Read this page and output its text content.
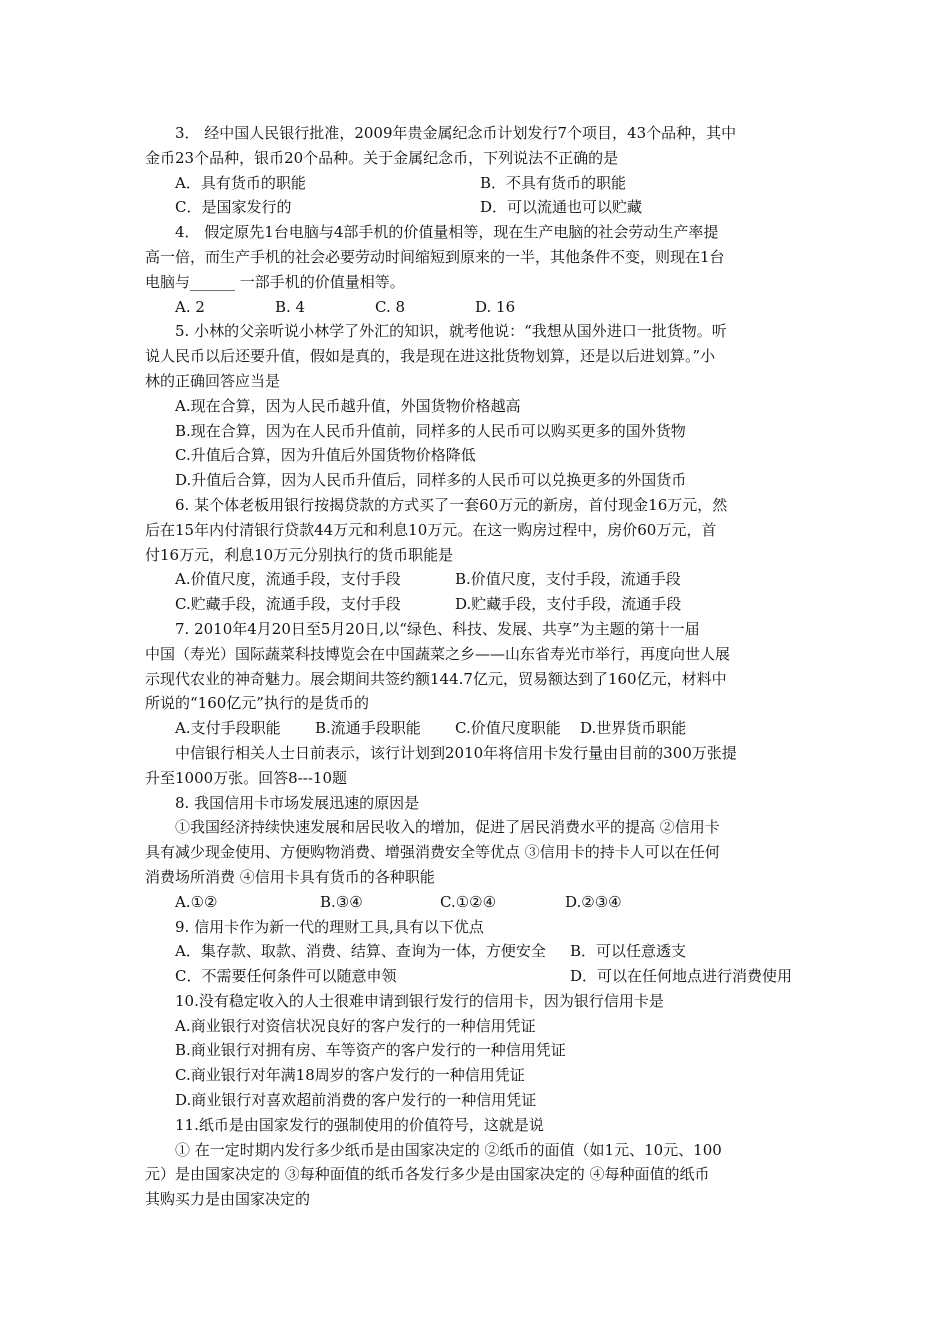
3． 经中国人民银行批准，2009年贵金属纪念币计划发行7个项目，43个品种，其中
金币23个品种，银币20个品种。关于金属纪念币，下列说法不正确的是
A．具有货币的职能	B．不具有货币的职能
C．是国家发行的	D．可以流通也可以贮藏
4． 假定原先1台电脑与4部手机的价值量相等，现在生产电脑的社会劳动生产率提
高一倍，而生产手机的社会必要劳动时间缩短到原来的一半，其他条件不变，则现在1台
电脑与______ 一部手机的价值量相等。
A. 2	B. 4	C. 8	D. 16
5. 小林的父亲听说小林学了外汇的知识，就考他说：“我想从国外进口一批货物。听
说人民币以后还要升值，假如是真的，我是现在进这批货物划算，还是以后进划算。”小
林的正确回答应当是
A.现在合算，因为人民币越升值，外国货物价格越高
B.现在合算，因为在人民币升值前，同样多的人民币可以购买更多的国外货物
C.升值后合算，因为升值后外国货物价格降低
D.升值后合算，因为人民币升值后，同样多的人民币可以兑换更多的外国货币
6. 某个体老板用银行按揭贷款的方式买了一套60万元的新房，首付现金16万元，然
后在15年内付清银行贷款44万元和利息10万元。在这一购房过程中，房价60万元，首
付16万元，利息10万元分别执行的货币职能是
A.价值尺度，流通手段，支付手段	B.价值尺度，支付手段，流通手段
C.贮藏手段，流通手段，支付手段	D.贮藏手段，支付手段，流通手段
7. 2010年4月20日至5月20日,以“绿色、科技、发展、共享”为主题的第十一届
中国（寿光）国际蔬菜科技博览会在中国蔬菜之乡——山东省寿光市举行，再度向世人展
示现代农业的神奇魅力。展会期间共签约额144.7亿元，贸易额达到了160亿元，材料中
所说的“160亿元”执行的是货币的
A.支付手段职能	B.流通手段职能	C.价值尺度职能	D.世界货币职能
中信银行相关人士日前表示，该行计划到2010年将信用卡发行量由目前的300万张提
升至1000万张。回答8---10题
8. 我国信用卡市场发展迅速的原因是
①我国经济持续快速发展和居民收入的增加，促进了居民消费水平的提高 ②信用卡
具有减少现金使用、方便购物消费、增强消费安全等优点 ③信用卡的持卡人可以在任何
消费场所消费 ④信用卡具有货币的各种职能
A.①②	B.③④	C.①②④	D.②③④
9. 信用卡作为新一代的理财工具,具有以下优点
A．集存款、取款、消费、结算、查询为一体，方便安全	B．可以任意透支
C．不需要任何条件可以随意申领	D．可以在任何地点进行消费使用
10.没有稳定收入的人士很难申请到银行发行的信用卡，因为银行信用卡是
A.商业银行对资信状况良好的客户发行的一种信用凭证
B.商业银行对拥有房、车等资产的客户发行的一种信用凭证
C.商业银行对年满18周岁的客户发行的一种信用凭证
D.商业银行对喜欢超前消费的客户发行的一种信用凭证
11.纸币是由国家发行的强制使用的价值符号，这就是说
① 在一定时期内发行多少纸币是由国家决定的 ②纸币的面值（如1元、10元、100
元）是由国家决定的 ③每种面值的纸币各发行多少是由国家决定的 ④每种面值的纸币
其购买力是由国家决定的
